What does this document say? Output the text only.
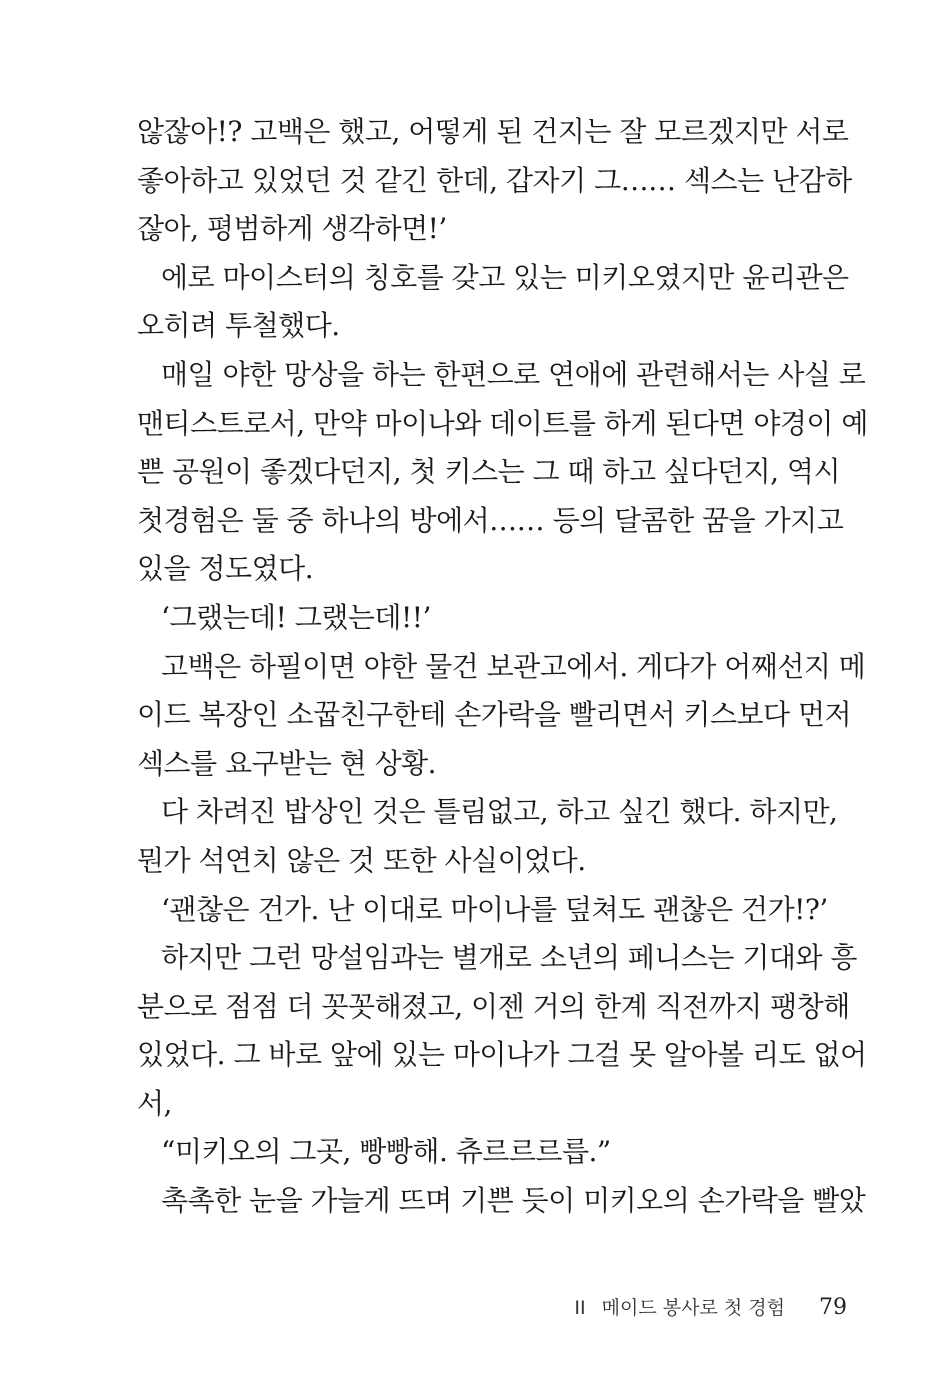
않잖아!? 고백은 했고, 어떻게 된 건지는 잘 모르겠지만 서로
좋아하고 있었던 것 같긴 한데, 갑자기 그…… 섹스는 난감하
잖아, 평범하게 생각하면!’
에로 마이스터의 칭호를 갖고 있는 미키오였지만 윤리관은
오히려 투철했다.
매일 야한 망상을 하는 한편으로 연애에 관련해서는 사실 로
맨티스트로서, 만약 마이나와 데이트를 하게 된다면 야경이 예
쁜 공원이 좋겠다던지, 첫 키스는 그 때 하고 싶다던지, 역시
첫경험은 둘 중 하나의 방에서…… 등의 달콤한 꿈을 가지고
있을 정도였다.
‘그랬는데! 그랬는데!!’
고백은 하필이면 야한 물건 보관고에서. 게다가 어째선지 메
이드 복장인 소꿉친구한테 손가락을 빨리면서 키스보다 먼저
섹스를 요구받는 현 상황.
다 차려진 밥상인 것은 틀림없고, 하고 싶긴 했다. 하지만,
뭔가 석연치 않은 것 또한 사실이었다.
‘괜찮은 건가. 난 이대로 마이나를 덮쳐도 괜찮은 건가!?’
하지만 그런 망설임과는 별개로 소년의 페니스는 기대와 흥
분으로 점점 더 꼿꼿해졌고, 이젠 거의 한계 직전까지 팽창해
있었다. 그 바로 앞에 있는 마이나가 그걸 못 알아볼 리도 없어
서,
“미키오의 그곳, 빵빵해. 츄르르르릅.”
촉촉한 눈을 가늘게 뜨며 기쁜 듯이 미키오의 손가락을 빨았
II 메이드 봉사로 첫 경험 79
